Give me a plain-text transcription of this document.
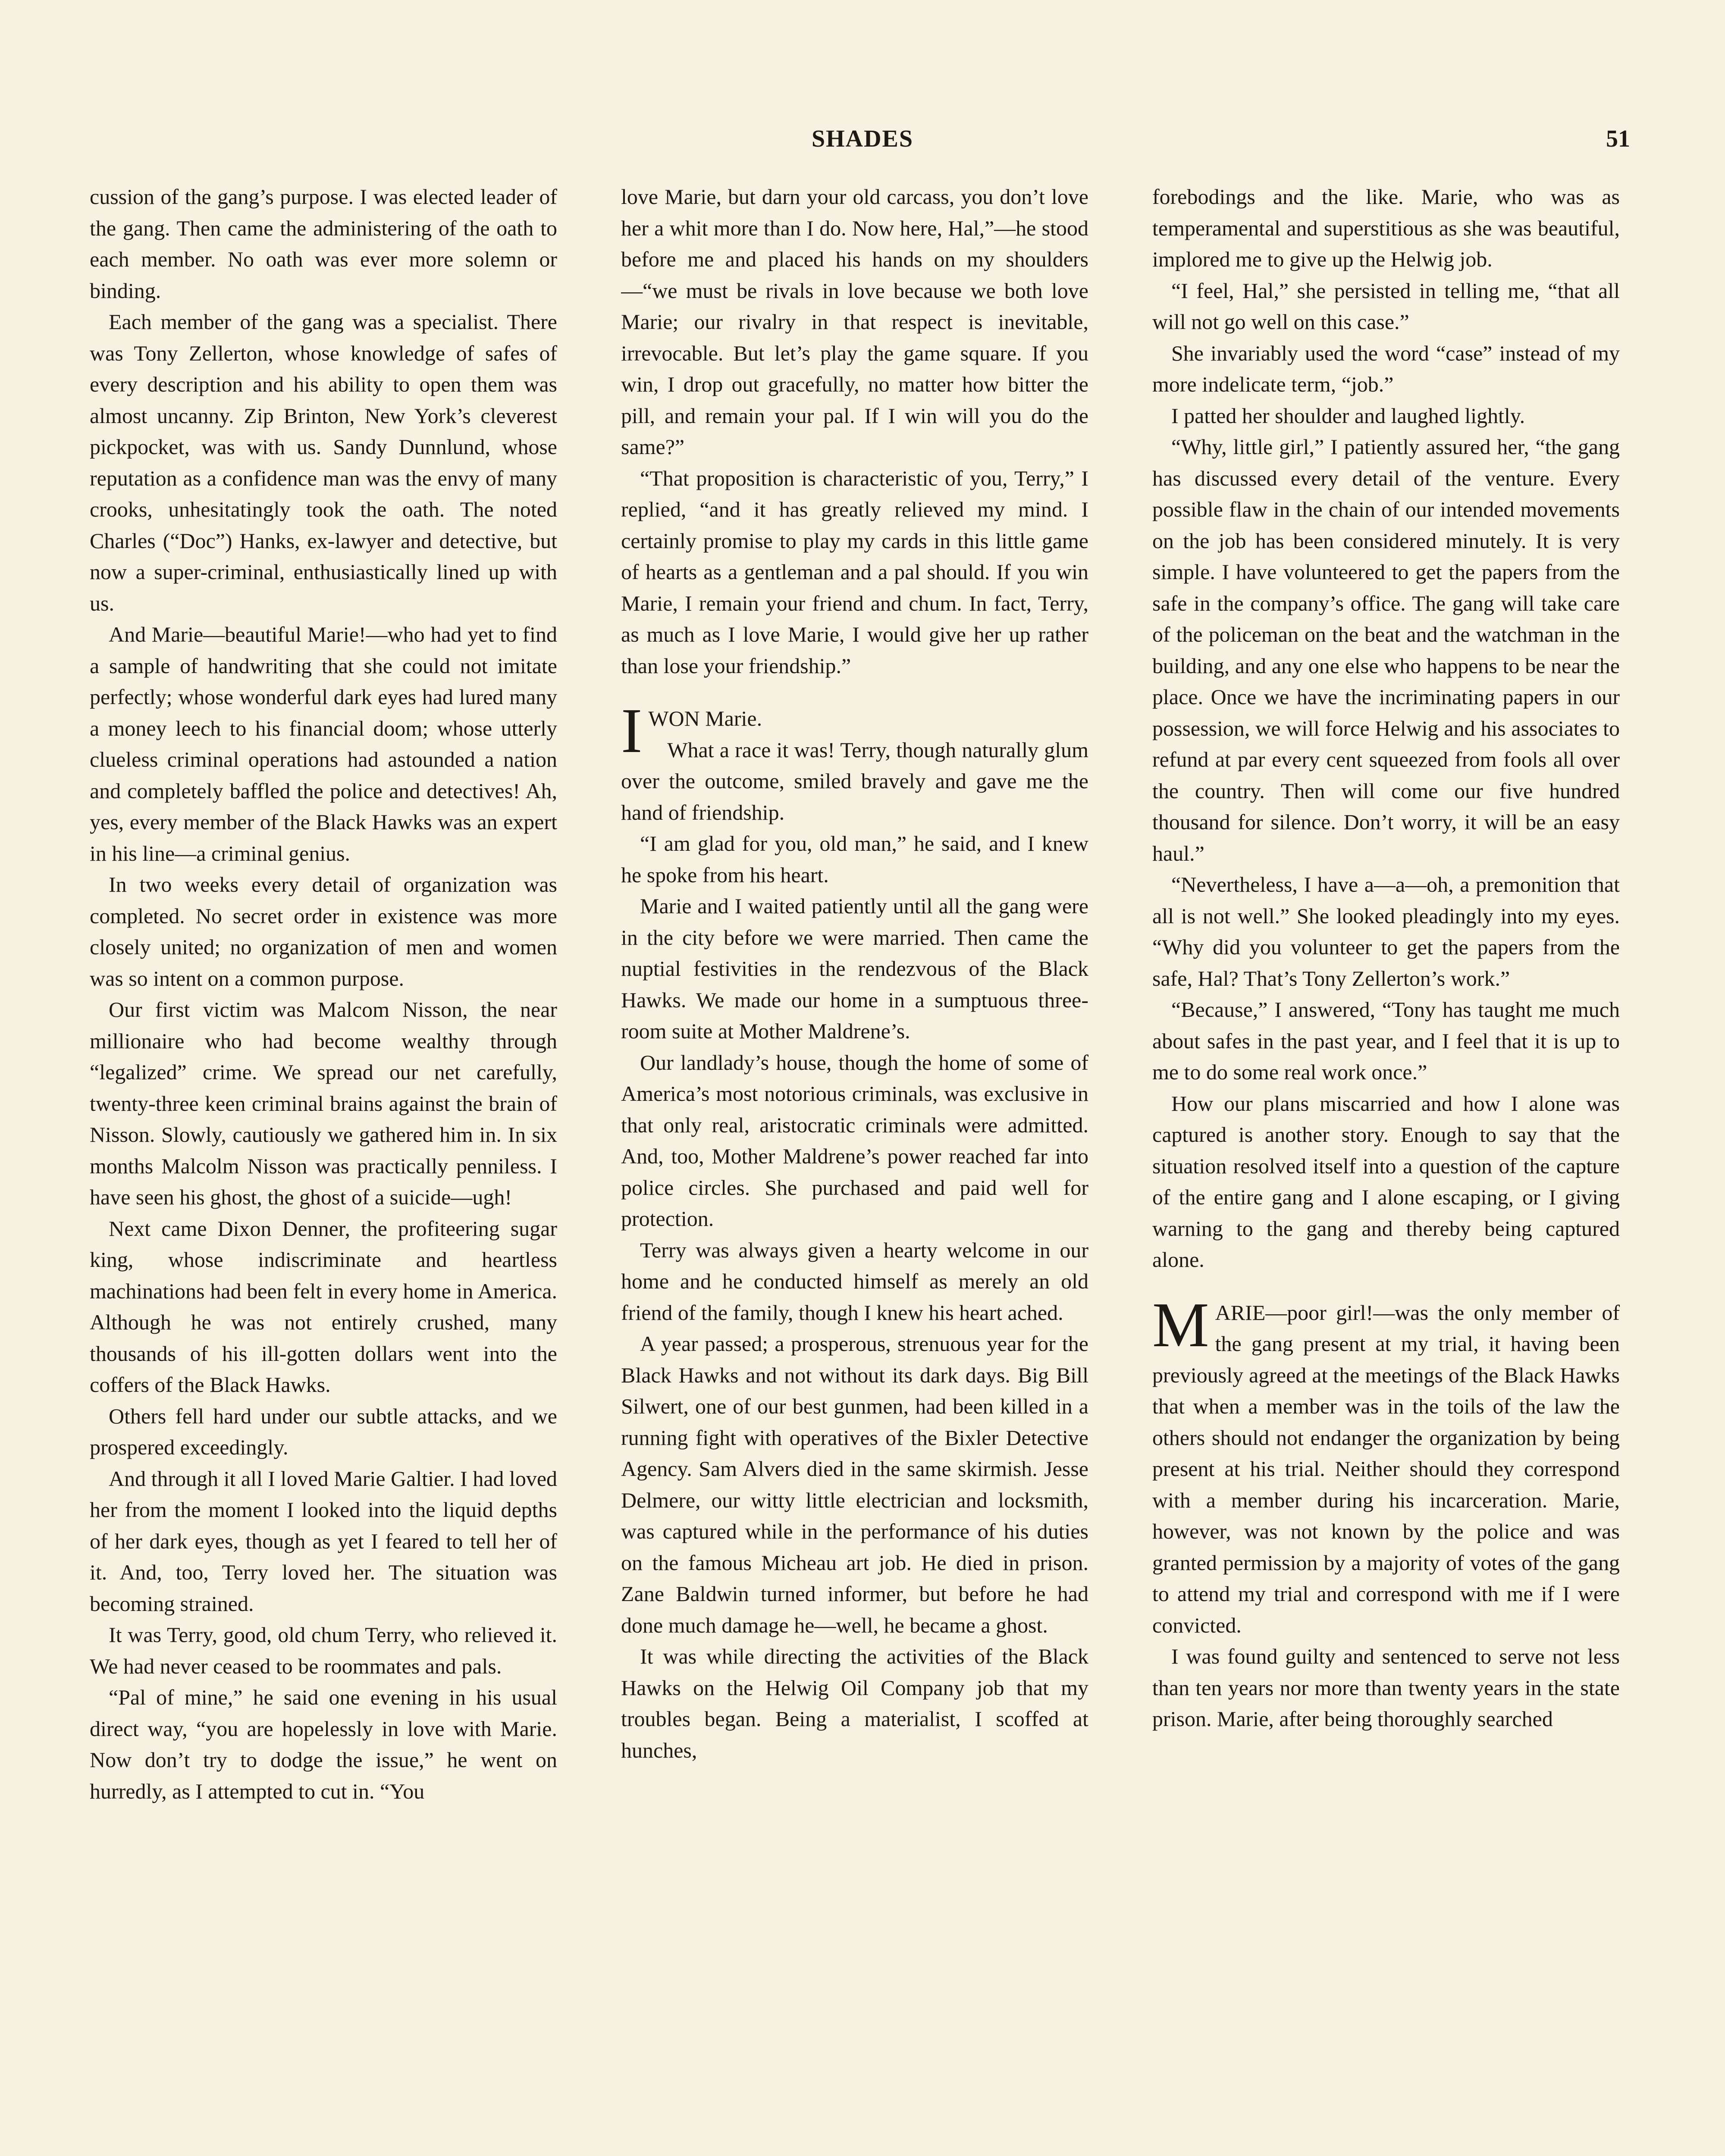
SHADES	51

cussion of the gang’s purpose. I was elected leader of the gang. Then came the administering of the oath to each member. No oath was ever more solemn or binding.

Each member of the gang was a specialist. There was Tony Zellerton, whose knowledge of safes of every description and his ability to open them was almost uncanny. Zip Brinton, New York’s cleverest pickpocket, was with us. Sandy Dunnlund, whose reputation as a confidence man was the envy of many crooks, unhesitatingly took the oath. The noted Charles (“Doc”) Hanks, ex-lawyer and detective, but now a super-criminal, enthusiastically lined up with us.

And Marie—beautiful Marie!—who had yet to find a sample of handwriting that she could not imitate perfectly; whose wonderful dark eyes had lured many a money leech to his financial doom; whose utterly clueless criminal operations had astounded a nation and completely baffled the police and detectives! Ah, yes, every member of the Black Hawks was an expert in his line—a criminal genius.

In two weeks every detail of organization was completed. No secret order in existence was more closely united; no organization of men and women was so intent on a common purpose.

Our first victim was Malcom Nisson, the near millionaire who had become wealthy through “legalized” crime. We spread our net carefully, twenty-three keen criminal brains against the brain of Nisson. Slowly, cautiously we gathered him in. In six months Malcolm Nisson was practically penniless. I have seen his ghost, the ghost of a suicide—ugh!

Next came Dixon Denner, the profiteering sugar king, whose indiscriminate and heartless machinations had been felt in every home in America. Although he was not entirely crushed, many thousands of his ill-gotten dollars went into the coffers of the Black Hawks.

Others fell hard under our subtle attacks, and we prospered exceedingly.

And through it all I loved Marie Galtier. I had loved her from the moment I looked into the liquid depths of her dark eyes, though as yet I feared to tell her of it. And, too, Terry loved her. The situation was becoming strained.

It was Terry, good, old chum Terry, who relieved it. We had never ceased to be roommates and pals.

“Pal of mine,” he said one evening in his usual direct way, “you are hopelessly in love with Marie. Now don’t try to dodge the issue,” he went on hurredly, as I attempted to cut in. “You

love Marie, but darn your old carcass, you don’t love her a whit more than I do. Now here, Hal,”—he stood before me and placed his hands on my shoulders —“we must be rivals in love because we both love Marie; our rivalry in that respect is inevitable, irrevocable. But let’s play the game square. If you win, I drop out gracefully, no matter how bitter the pill, and remain your pal. If I win will you do the same?”

“That proposition is characteristic of you, Terry,” I replied, “and it has greatly relieved my mind. I certainly promise to play my cards in this little game of hearts as a gentleman and a pal should. If you win Marie, I remain your friend and chum. In fact, Terry, as much as I love Marie, I would give her up rather than lose your friendship.”

I WON Marie.

What a race it was! Terry, though naturally glum over the outcome, smiled bravely and gave me the hand of friendship.

“I am glad for you, old man,” he said, and I knew he spoke from his heart.

Marie and I waited patiently until all the gang were in the city before we were married. Then came the nuptial festivities in the rendezvous of the Black Hawks. We made our home in a sumptuous three-room suite at Mother Maldrene’s.

Our landlady’s house, though the home of some of America’s most notorious criminals, was exclusive in that only real, aristocratic criminals were admitted. And, too, Mother Maldrene’s power reached far into police circles. She purchased and paid well for protection.

Terry was always given a hearty welcome in our home and he conducted himself as merely an old friend of the family, though I knew his heart ached.

A year passed; a prosperous, strenuous year for the Black Hawks and not without its dark days. Big Bill Silwert, one of our best gunmen, had been killed in a running fight with operatives of the Bixler Detective Agency. Sam Alvers died in the same skirmish. Jesse Delmere, our witty little electrician and locksmith, was captured while in the performance of his duties on the famous Micheau art job. He died in prison. Zane Baldwin turned informer, but before he had done much damage he—well, he became a ghost.

It was while directing the activities of the Black Hawks on the Helwig Oil Company job that my troubles began. Being a materialist, I scoffed at hunches,

forebodings and the like. Marie, who was as temperamental and superstitious as she was beautiful, implored me to give up the Helwig job.

“I feel, Hal,” she persisted in telling me, “that all will not go well on this case.”

She invariably used the word “case” instead of my more indelicate term, “job.”

I patted her shoulder and laughed lightly.

“Why, little girl,” I patiently assured her, “the gang has discussed every detail of the venture. Every possible flaw in the chain of our intended movements on the job has been considered minutely. It is very simple. I have volunteered to get the papers from the safe in the company’s office. The gang will take care of the policeman on the beat and the watchman in the building, and any one else who happens to be near the place. Once we have the incriminating papers in our possession, we will force Helwig and his associates to refund at par every cent squeezed from fools all over the country. Then will come our five hundred thousand for silence. Don’t worry, it will be an easy haul.”

“Nevertheless, I have a—a—oh, a premonition that all is not well.” She looked pleadingly into my eyes. “Why did you volunteer to get the papers from the safe, Hal? That’s Tony Zellerton’s work.”

“Because,” I answered, “Tony has taught me much about safes in the past year, and I feel that it is up to me to do some real work once.”

How our plans miscarried and how I alone was captured is another story. Enough to say that the situation resolved itself into a question of the capture of the entire gang and I alone escaping, or I giving warning to the gang and thereby being captured alone.

MARIE—poor girl!—was the only member of the gang present at my trial, it having been previously agreed at the meetings of the Black Hawks that when a member was in the toils of the law the others should not endanger the organization by being present at his trial. Neither should they correspond with a member during his incarceration. Marie, however, was not known by the police and was granted permission by a majority of votes of the gang to attend my trial and correspond with me if I were convicted.

I was found guilty and sentenced to serve not less than ten years nor more than twenty years in the state prison. Marie, after being thoroughly searched
